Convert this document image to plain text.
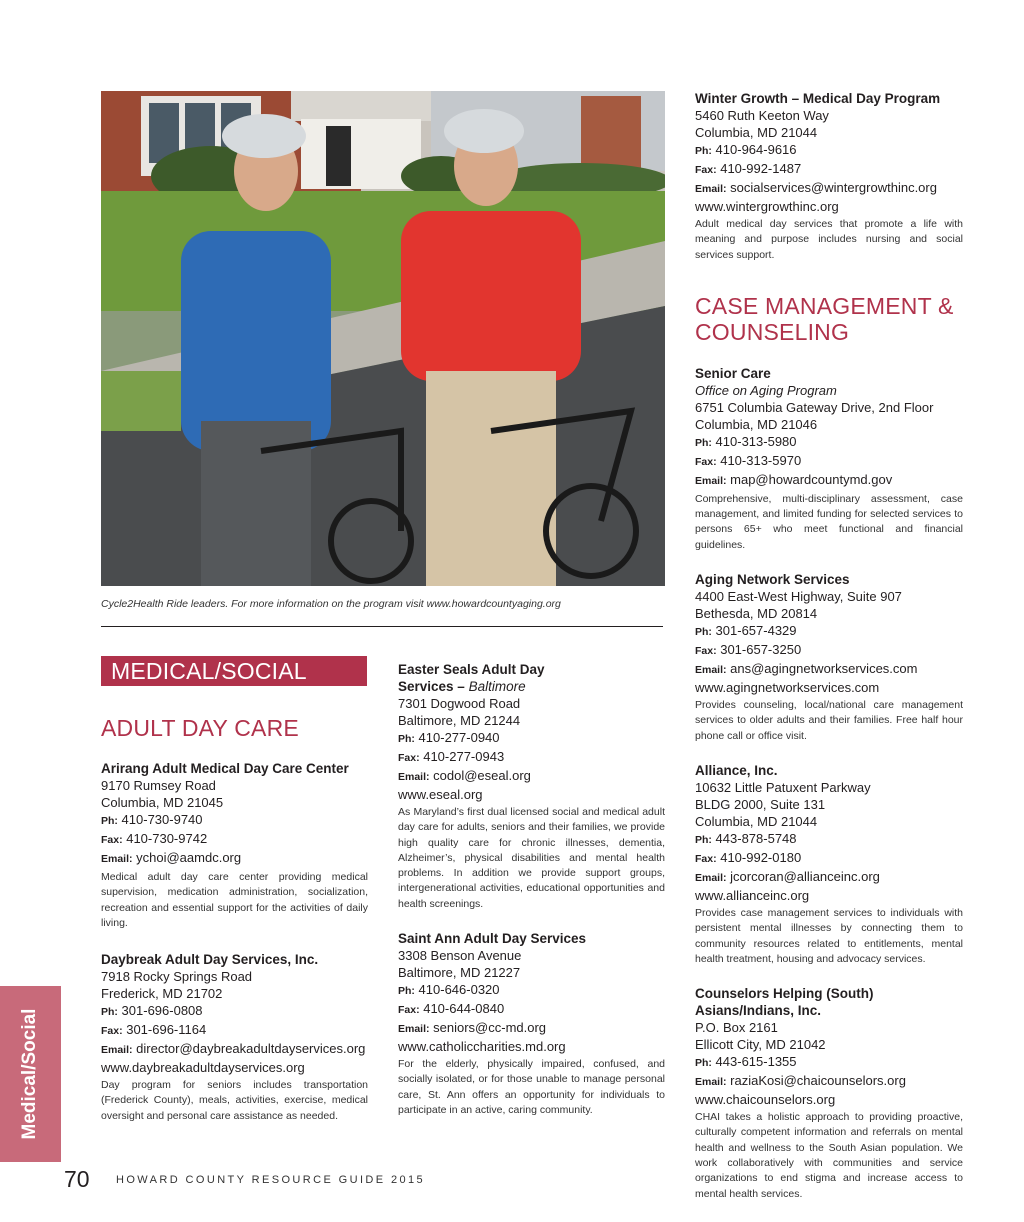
Cycle2Health Ride leaders. For more information on the program visit www.howardcountyaging.org
MEDICAL/SOCIAL
ADULT DAY CARE
Arirang Adult Medical Day Care Center
9170 Rumsey Road
Columbia, MD 21045
Ph: 410-730-9740
Fax: 410-730-9742
Email: ychoi@aamdc.org
Medical adult day care center providing medical supervision, medication administration, socialization, recreation and essential support for the activities of daily living.
Daybreak Adult Day Services, Inc.
7918 Rocky Springs Road
Frederick, MD 21702
Ph: 301-696-0808
Fax: 301-696-1164
Email: director@daybreakadultdayservices.org
www.daybreakadultdayservices.org
Day program for seniors includes transportation (Frederick County), meals, activities, exercise, medical oversight and personal care assistance as needed.
Easter Seals Adult Day
Services – Baltimore
7301 Dogwood Road
Baltimore, MD 21244
Ph: 410-277-0940
Fax: 410-277-0943
Email: codol@eseal.org
www.eseal.org
As Maryland’s first dual licensed social and medical adult day care for adults, seniors and their families, we provide high quality care for chronic illnesses, dementia, Alzheimer’s, physical disabilities and mental health problems. In addition we provide support groups, intergenerational activities, educational opportunities and health screenings.
Saint Ann Adult Day Services
3308 Benson Avenue
Baltimore, MD 21227
Ph: 410-646-0320
Fax: 410-644-0840
Email: seniors@cc-md.org
www.catholiccharities.md.org
For the elderly, physically impaired, confused, and socially isolated, or for those unable to manage personal care, St. Ann offers an opportunity for individuals to participate in an active, caring community.
Winter Growth – Medical Day Program
5460 Ruth Keeton Way
Columbia, MD 21044
Ph: 410-964-9616
Fax: 410-992-1487
Email: socialservices@wintergrowthinc.org
www.wintergrowthinc.org
Adult medical day services that promote a life with meaning and purpose includes nursing and social services support.
CASE MANAGEMENT &
COUNSELING
Senior Care
Office on Aging Program
6751 Columbia Gateway Drive, 2nd Floor
Columbia, MD 21046
Ph: 410-313-5980
Fax: 410-313-5970
Email: map@howardcountymd.gov
Comprehensive, multi-disciplinary assessment, case management, and limited funding for selected services to persons 65+ who meet functional and financial guidelines.
Aging Network Services
4400 East-West Highway, Suite 907
Bethesda, MD 20814
Ph: 301-657-4329
Fax: 301-657-3250
Email: ans@agingnetworkservices.com
www.agingnetworkservices.com
Provides counseling, local/national care management services to older adults and their families. Free half hour phone call or office visit.
Alliance, Inc.
10632 Little Patuxent Parkway
BLDG 2000, Suite 131
Columbia, MD 21044
Ph: 443-878-5748
Fax: 410-992-0180
Email: jcorcoran@allianceinc.org
www.allianceinc.org
Provides case management services to individuals with persistent mental illnesses by connecting them to community resources related to entitlements, mental health treatment, housing and advocacy services.
Counselors Helping (South)
Asians/Indians, Inc.
P.O. Box 2161
Ellicott City, MD 21042
Ph: 443-615-1355
Email: raziaKosi@chaicounselors.org
www.chaicounselors.org
CHAI takes a holistic approach to providing proactive, culturally competent information and referrals on mental health and wellness to the South Asian population. We work collaboratively with communities and service organizations to end stigma and increase access to mental health services.
Medical/Social
70 HOWARD COUNTY RESOURCE GUIDE 2015
